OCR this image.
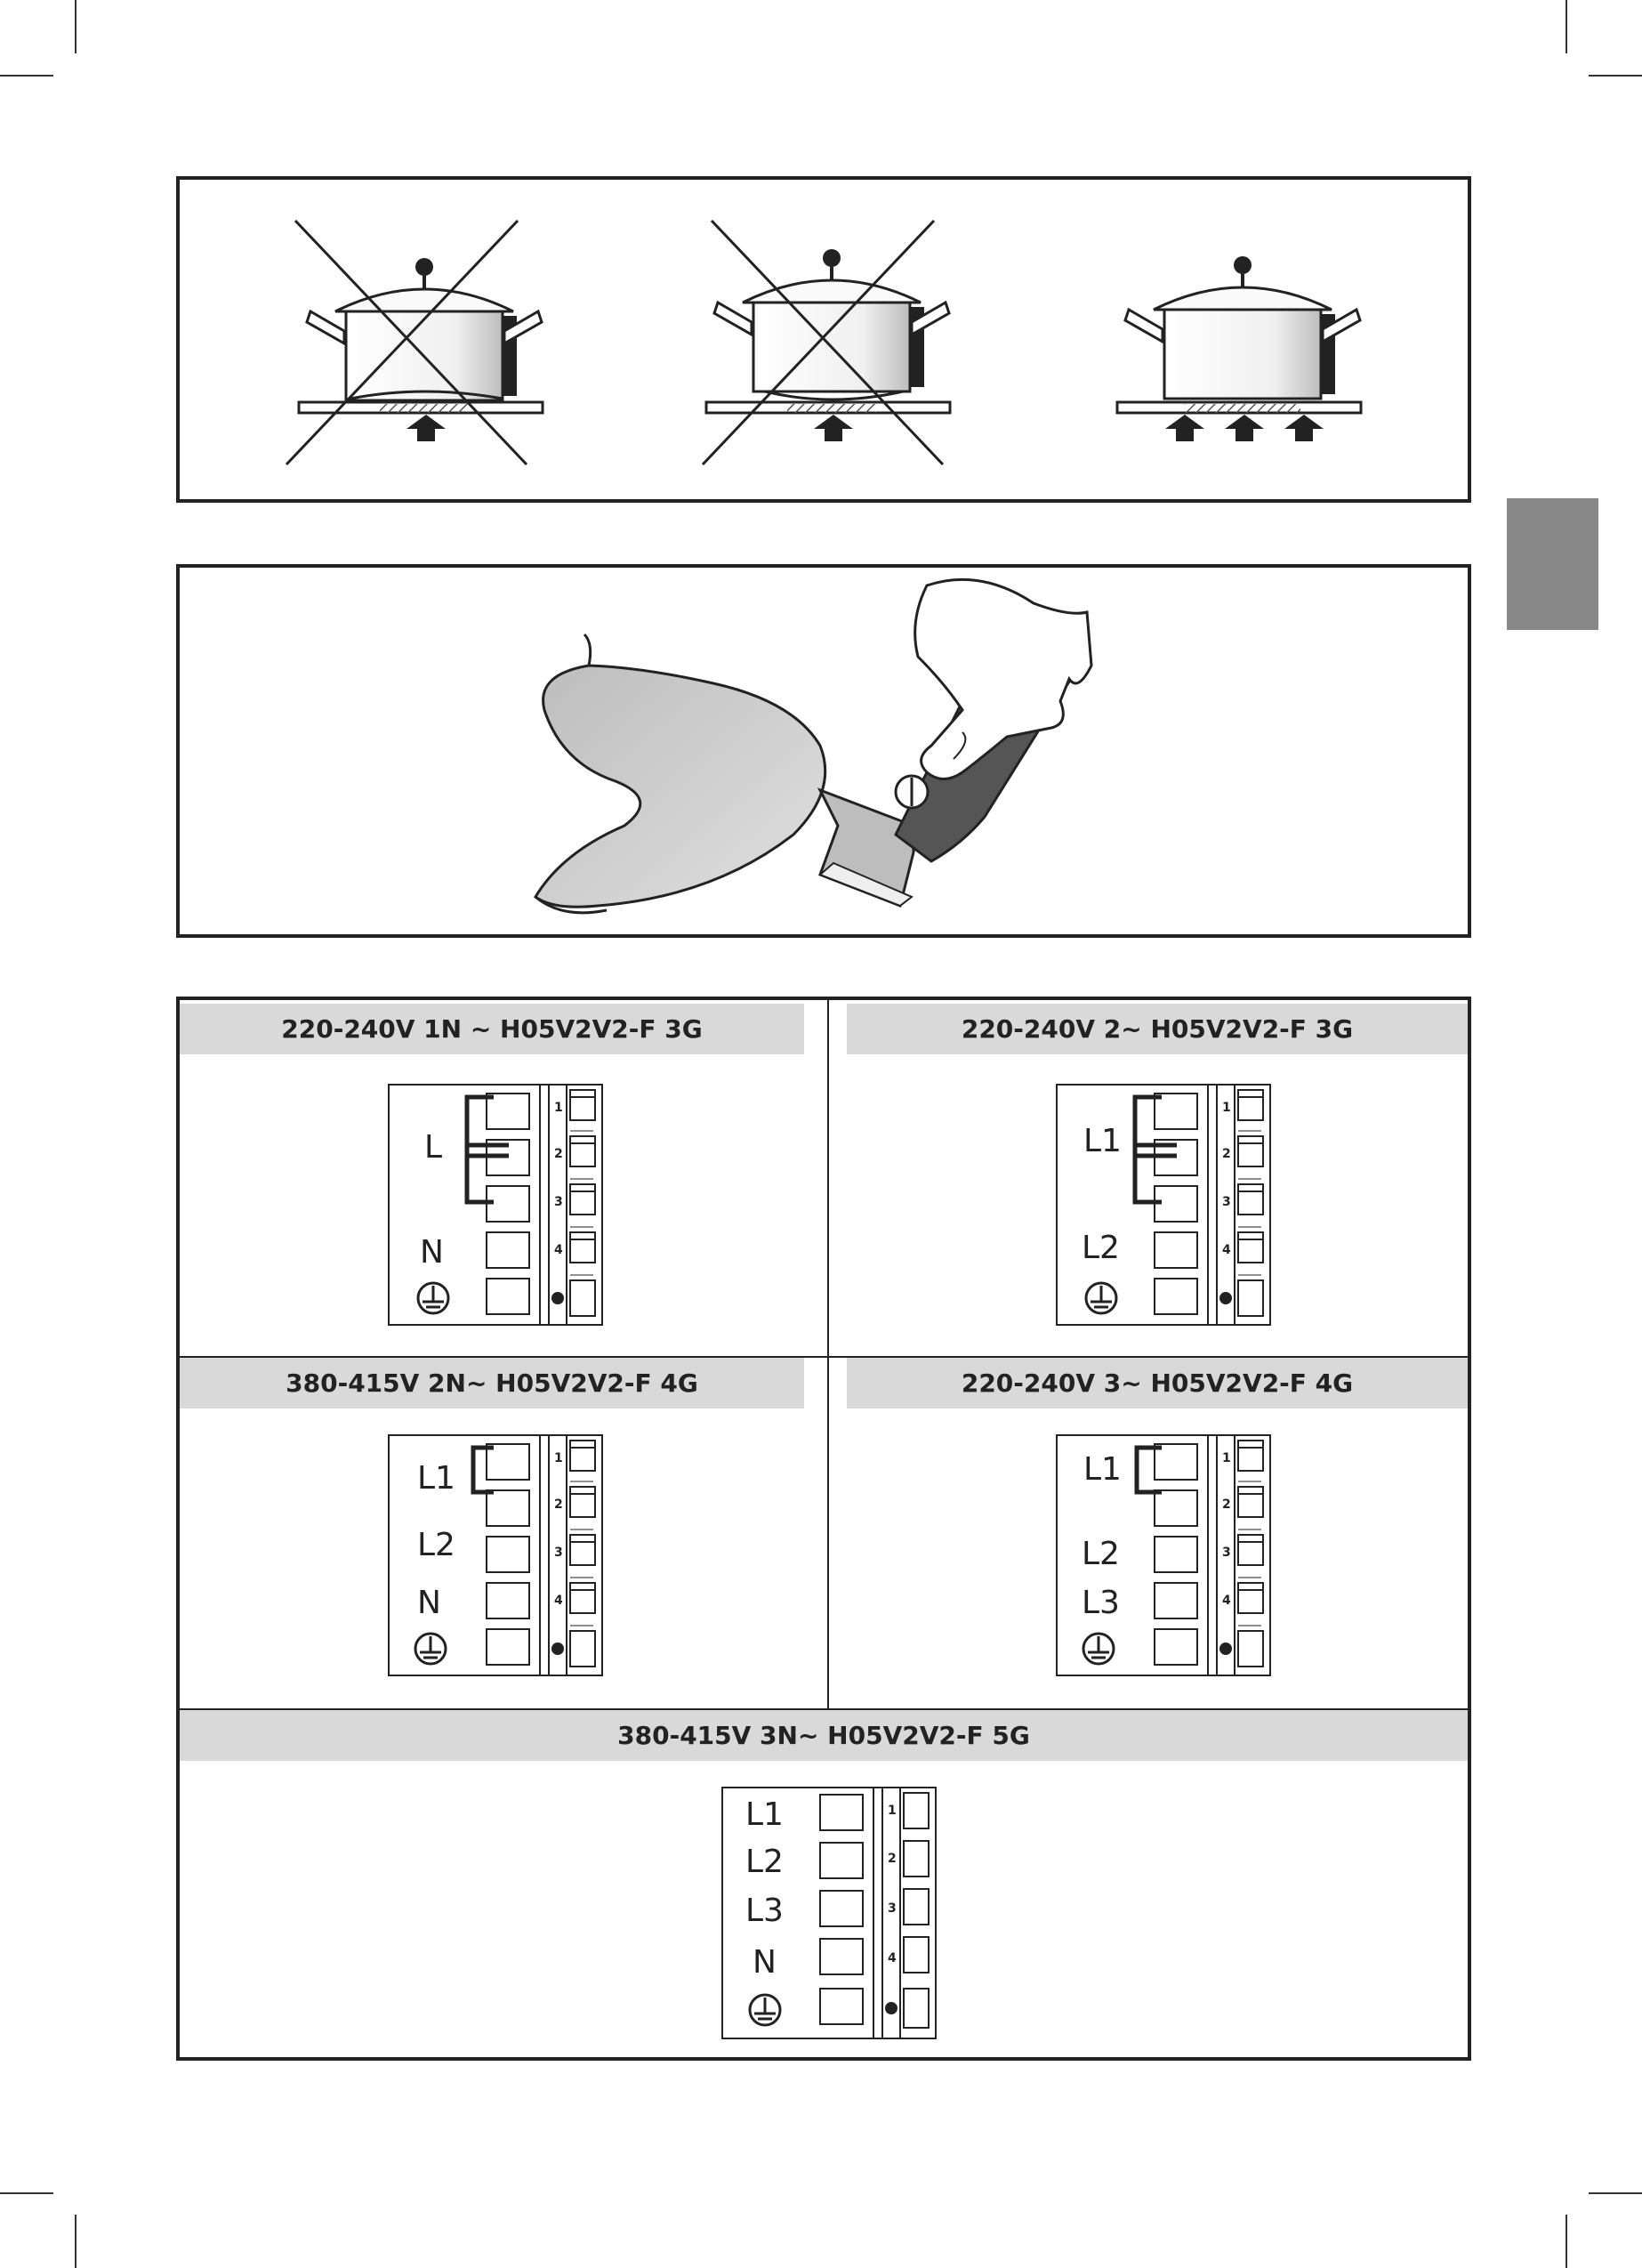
220-240V 1N ~ H05V2V2-F 3G	220-240V 2~ H05V2V2-F 3G
380-415V 2N~ H05V2V2-F 4G	220-240V 3~ H05V2V2-F 4G
380-415V 3N~ H05V2V2-F 5G
1
2
3
4
L
N
1
2
3
4
L1
L2
1
2
3
4
L1
L2
N
1
2
3
4
L1
L2
L3
1
2
3
4
L1
L2
L3
N
